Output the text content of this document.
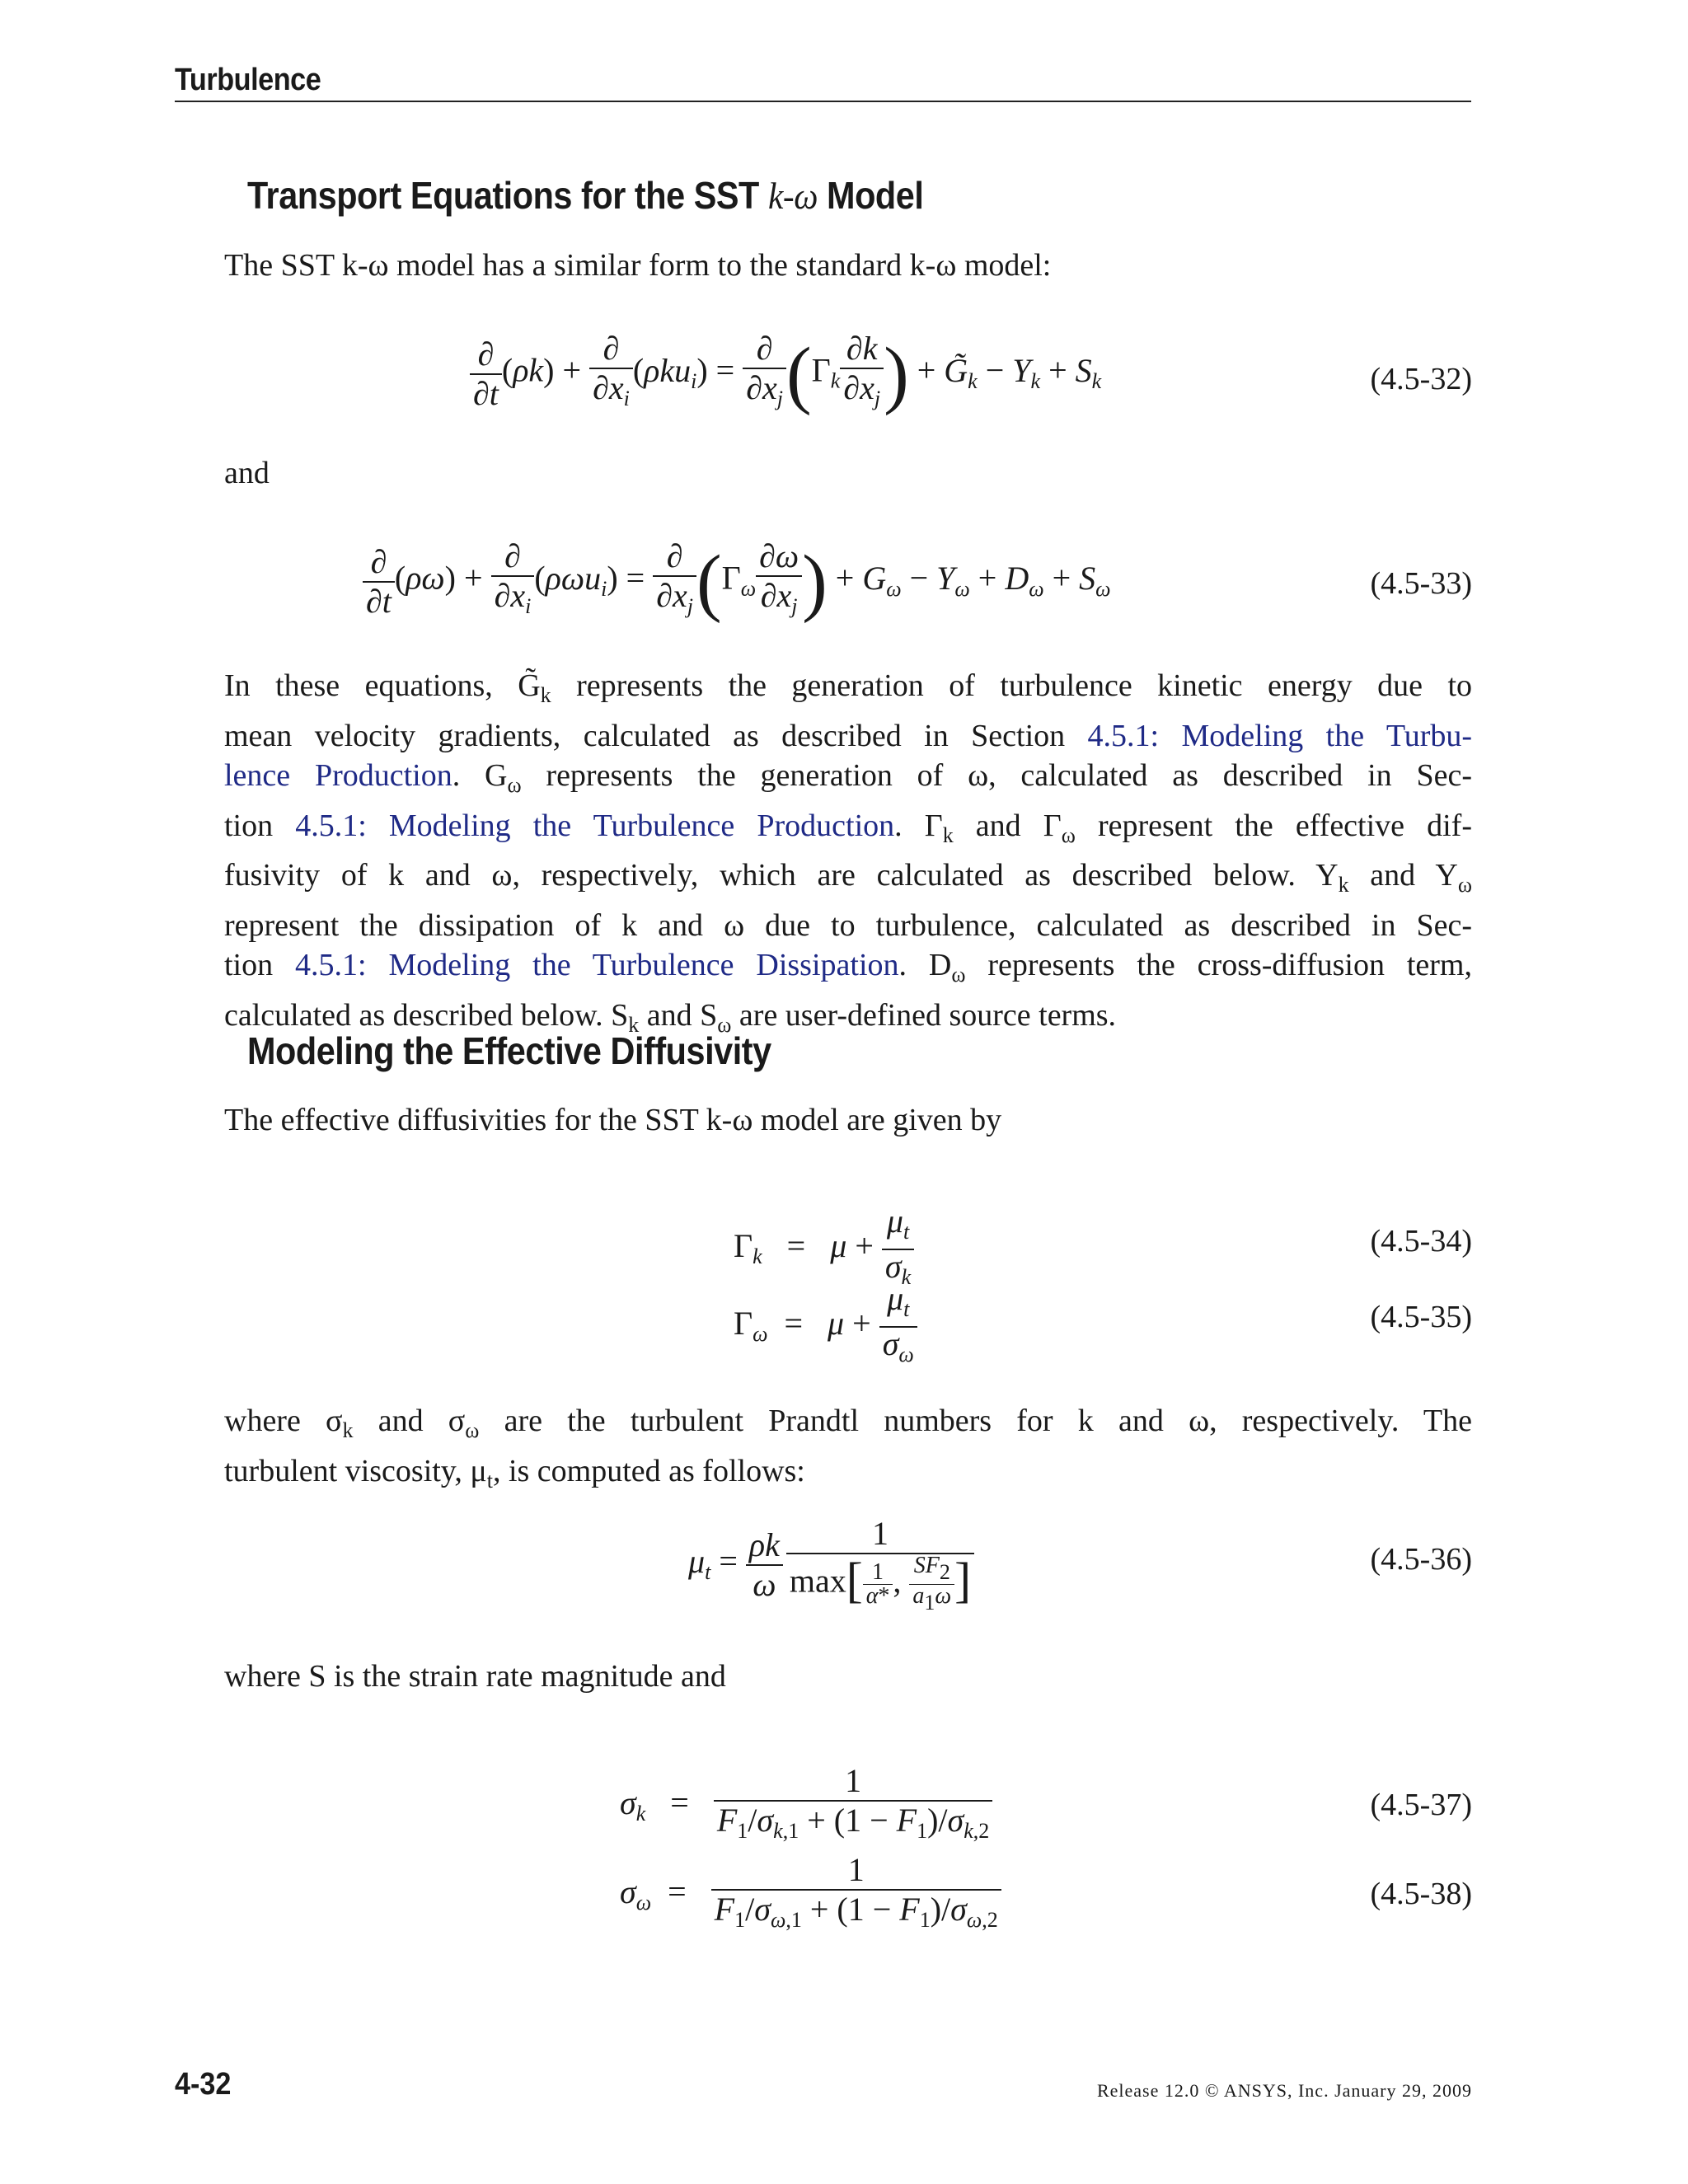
Turbulence
Transport Equations for the SST k-ω Model
The SST k-ω model has a similar form to the standard k-ω model:
$\frac{\partial}{\partial t} (\rho k) + \frac{\partial}{\partial x_i} (\rho ku_i) = \frac{\partial}{\partial x_j} (\Gamma_k \frac{\partial k}{\partial x_j}$ ) + $G̃_k - Y_k + S_k$	(4.5-32)
and
$\frac{\partial}{\partial t} (\rho\omega) + \frac{\partial}{\partial x_i} (\rho\omega u_i) = \frac{\partial}{\partial x_j} (\Gamma_\omega \frac{\partial\omega}{\partial x_j}$ ) + $G_\omega - Y_\omega + D_\omega + S_\omega$	(4.5-33)
In these equations, $G̃_k$ represents the generation of turbulence kinetic energy due to
mean velocity gradients, calculated as described in Section 4.5.1: Modeling the Turbu-
lence Production. $G_\omega$ represents the generation of ω, calculated as described in Sec-
tion 4.5.1: Modeling the Turbulence Production. $\Gamma_k$ and $\Gamma_\omega$ represent the effective dif-
fusivity of k and ω, respectively, which are calculated as described below. $Y_k$ and $Y_\omega$
represent the dissipation of k and ω due to turbulence, calculated as described in Sec-
tion 4.5.1: Modeling the Turbulence Dissipation. $D_\omega$ represents the cross-diffusion term,
calculated as described below. $S_k$ and $S_\omega$ are user-defined source terms.
Modeling the Effective Diffusivity
The effective diffusivities for the SST k-ω model are given by
$\Gamma_k = \mu + \frac{\mu_t}{\sigma_k}$	(4.5-34)
$\Gamma_\omega = \mu + \frac{\mu_t}{\sigma_\omega}$	(4.5-35)
where $\sigma_k$ and $\sigma_\omega$ are the turbulent Prandtl numbers for k and ω, respectively. The
turbulent viscosity, $\mu_t$, is computed as follows:
$\mu_t = \frac{\rho k}{\omega} \frac{1}{\max[ \frac{1}{\alpha*} , \frac{SF_2}{a_1\omega} ]}$	(4.5-36)
where S is the strain rate magnitude and
$\sigma_k = \frac{1}{F_1/\sigma_{k,1} + (1 - F_1)/\sigma_{k,2}}$	(4.5-37)
$\sigma_\omega = \frac{1}{F_1/\sigma_{\omega,1} + (1 - F_1)/\sigma_{\omega,2}}$	(4.5-38)
4-32	Release 12.0 © ANSYS, Inc. January 29, 2009
